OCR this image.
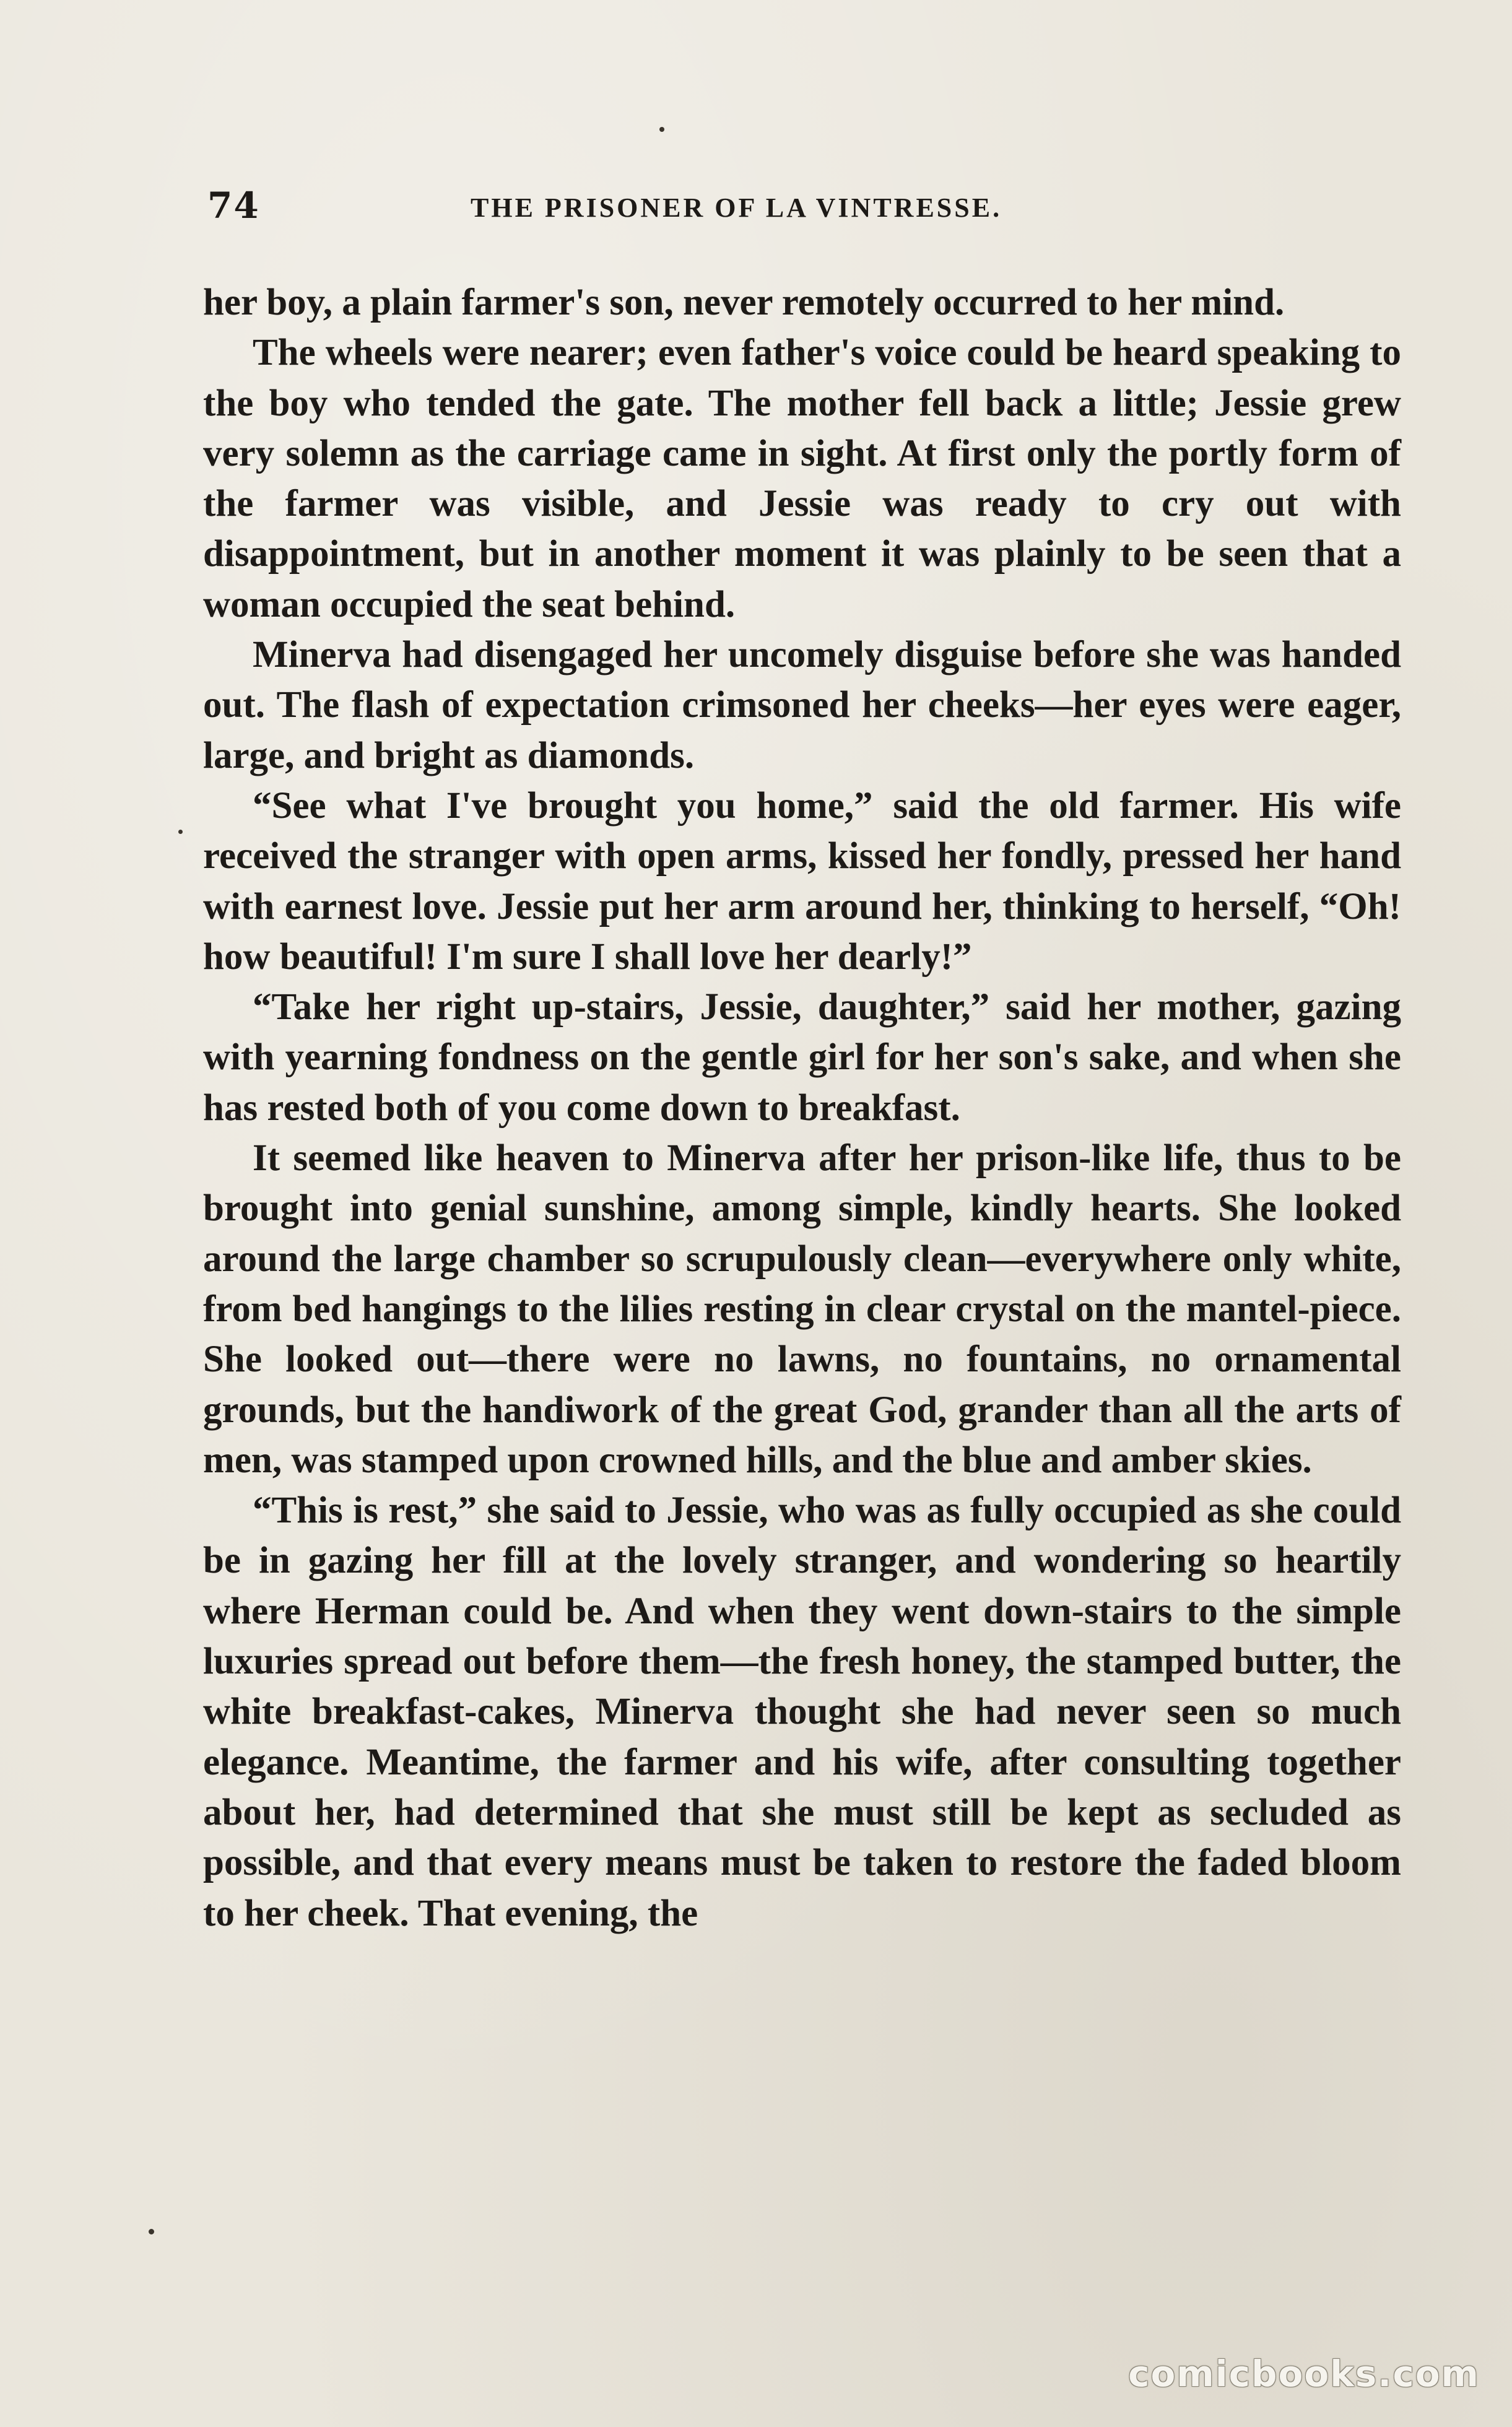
74	THE PRISONER OF LA VINTRESSE.

her boy, a plain farmer's son, never remotely occurred to her mind.

The wheels were nearer; even father's voice could be heard speaking to the boy who tended the gate. The mother fell back a little; Jessie grew very solemn as the carriage came in sight. At first only the portly form of the farmer was visible, and Jessie was ready to cry out with disappointment, but in another moment it was plainly to be seen that a woman occupied the seat behind.

Minerva had disengaged her uncomely disguise before she was handed out. The flash of expectation crimsoned her cheeks—her eyes were eager, large, and bright as diamonds.

“See what I've brought you home,” said the old farmer. His wife received the stranger with open arms, kissed her fondly, pressed her hand with earnest love. Jessie put her arm around her, thinking to herself, “Oh! how beautiful! I'm sure I shall love her dearly!”

“Take her right up-stairs, Jessie, daughter,” said her mother, gazing with yearning fondness on the gentle girl for her son's sake, and when she has rested both of you come down to breakfast.

It seemed like heaven to Minerva after her prison-like life, thus to be brought into genial sunshine, among simple, kindly hearts. She looked around the large chamber so scrupulously clean—everywhere only white, from bed hangings to the lilies resting in clear crystal on the mantel-piece. She looked out—there were no lawns, no fountains, no ornamental grounds, but the handiwork of the great God, grander than all the arts of men, was stamped upon crowned hills, and the blue and amber skies.

“This is rest,” she said to Jessie, who was as fully occupied as she could be in gazing her fill at the lovely stranger, and wondering so heartily where Herman could be. And when they went down-stairs to the simple luxuries spread out before them—the fresh honey, the stamped butter, the white breakfast-cakes, Minerva thought she had never seen so much elegance. Meantime, the farmer and his wife, after consulting together about her, had determined that she must still be kept as secluded as possible, and that every means must be taken to restore the faded bloom to her cheek. That evening, the

comicbooks.com
